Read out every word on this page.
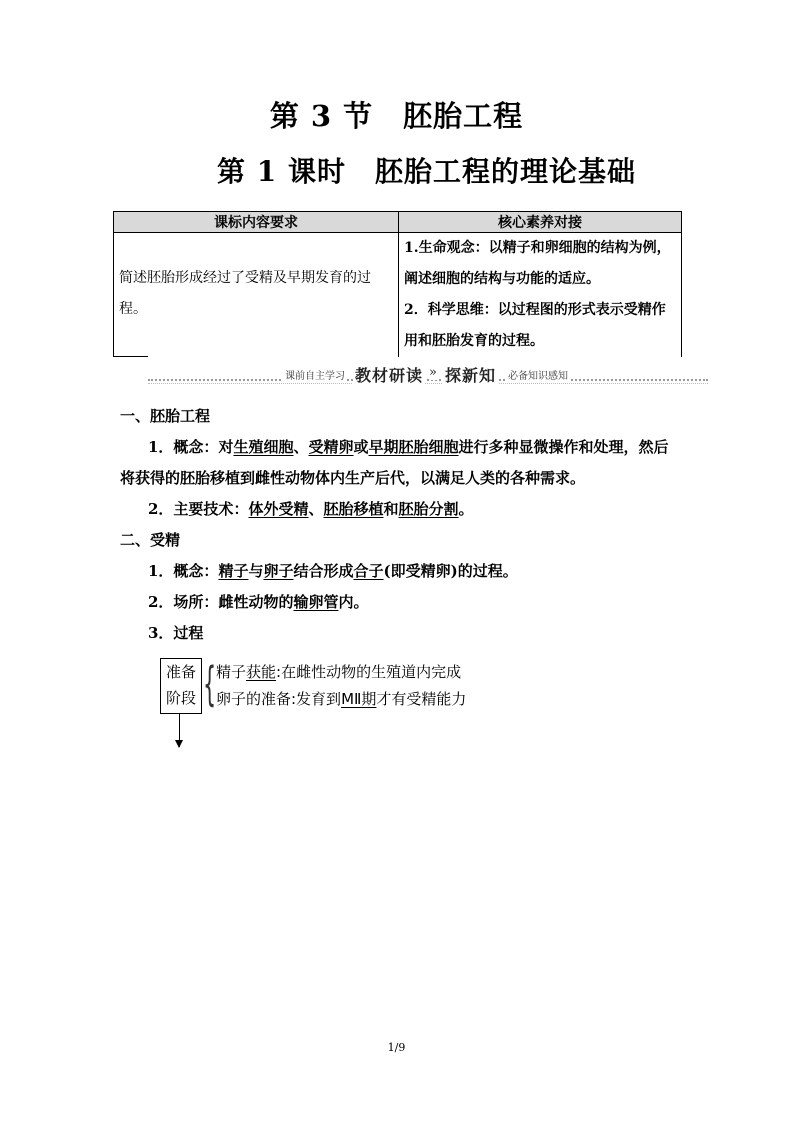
第 3 节　胚胎工程
第 1 课时　胚胎工程的理论基础
课标内容要求	核心素养对接
简述胚胎形成经过了受精及早期发育的过程。	1.生命观念：以精子和卵细胞的结构为例，阐述细胞的结构与功能的适应。
2．科学思维：以过程图的形式表示受精作用和胚胎发育的过程。
课前自主学习 教材研读 » 探新知 必备知识感知
一、胚胎工程
1．概念：对生殖细胞、受精卵或早期胚胎细胞进行多种显微操作和处理，然后将获得的胚胎移植到雌性动物体内生产后代，以满足人类的各种需求。
2．主要技术：体外受精、胚胎移植和胚胎分割。
二、受精
1．概念：精子与卵子结合形成合子(即受精卵)的过程。
2．场所：雌性动物的输卵管内。
3．过程
准备
阶段 { 精子获能:在雌性动物的生殖道内完成
卵子的准备:发育到MⅡ期才有受精能力
1/9
